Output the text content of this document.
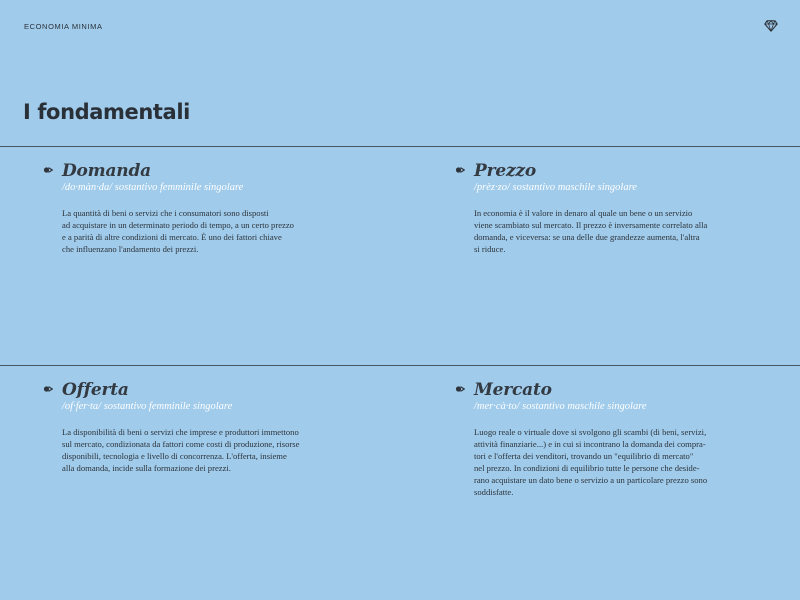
ECONOMIA MINIMA
I fondamentali
Domanda

/do·màn·da/ sostantivo femminile singolare

La quantità di beni o servizi che i consumatori sono disposti
ad acquistare in un determinato periodo di tempo, a un certo prezzo
e a parità di altre condizioni di mercato. È uno dei fattori chiave
che influenzano l'andamento dei prezzi.

Prezzo

/prèz·zo/ sostantivo maschile singolare

In economia è il valore in denaro al quale un bene o un servizio
viene scambiato sul mercato. Il prezzo è inversamente correlato alla
domanda, e viceversa: se una delle due grandezze aumenta, l'altra
si riduce.

Offerta

/of·fer·ta/ sostantivo femminile singolare

La disponibilità di beni o servizi che imprese e produttori immettono
sul mercato, condizionata da fattori come costi di produzione, risorse
disponibili, tecnologia e livello di concorrenza. L'offerta, insieme
alla domanda, incide sulla formazione dei prezzi.

Mercato

/mer·cà·to/ sostantivo maschile singolare

Luogo reale o virtuale dove si svolgono gli scambi (di beni, servizi,
attività finanziarie...) e in cui si incontrano la domanda dei compra-
tori e l'offerta dei venditori, trovando un "equilibrio di mercato"
nel prezzo. In condizioni di equilibrio tutte le persone che deside-
rano acquistare un dato bene o servizio a un particolare prezzo sono
soddisfatte.
